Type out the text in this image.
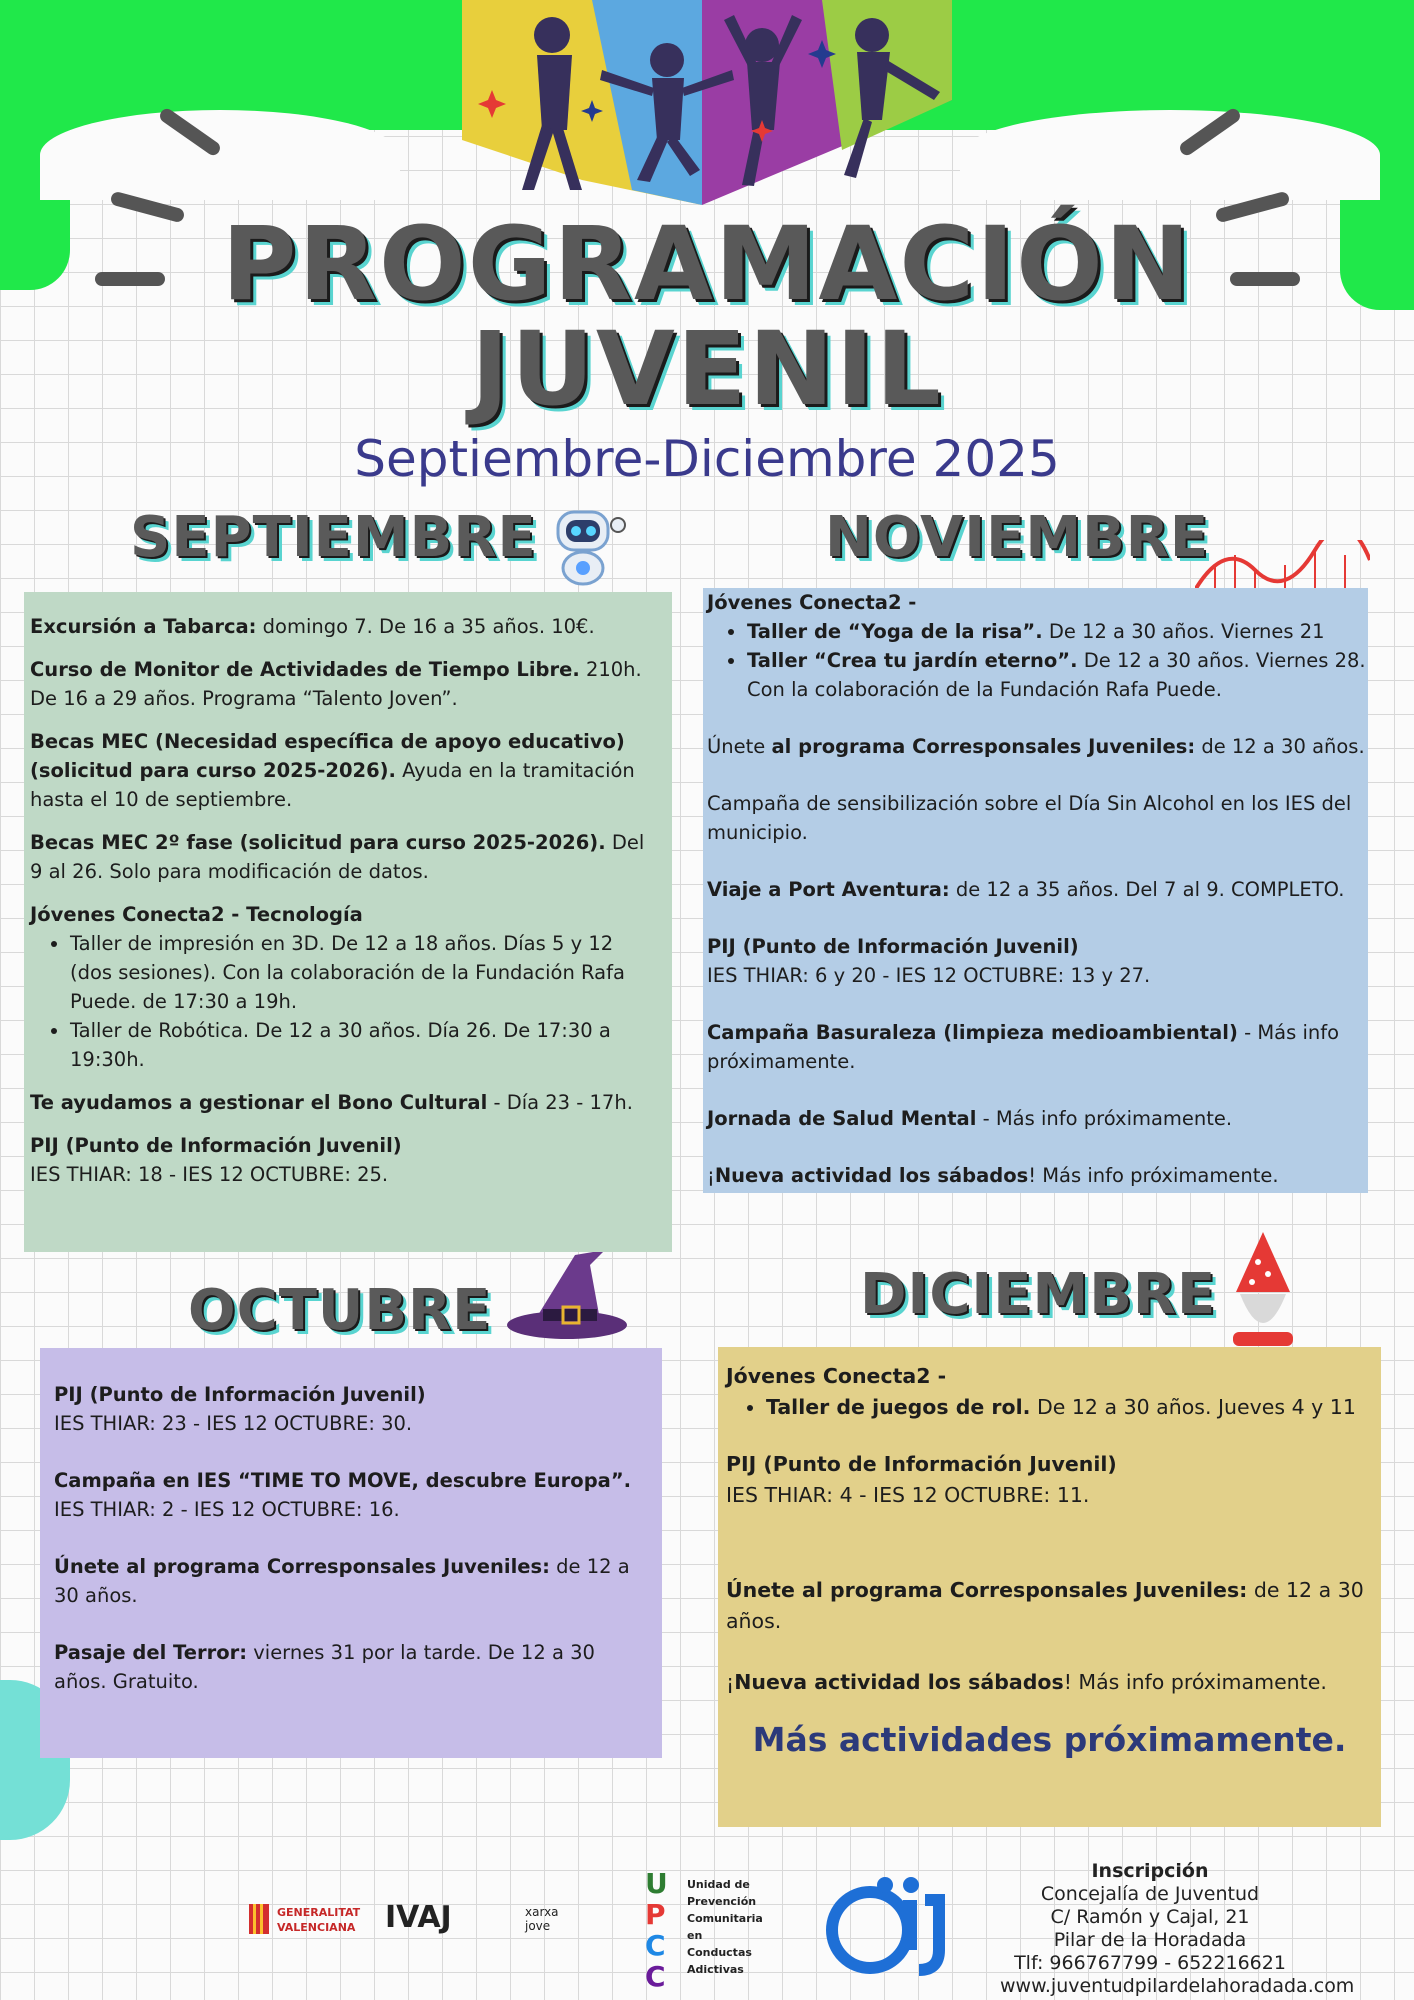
PROGRAMACIÓN
JUVENIL
Septiembre-Diciembre 2025
SEPTIEMBRE	NOVIEMBRE
OCTUBRE	DICIEMBRE

Excursión a Tabarca: domingo 7. De 16 a 35 años. 10€.

Curso de Monitor de Actividades de Tiempo Libre. 210h. De 16 a 29 años. Programa “Talento Joven”.

Becas MEC (Necesidad específica de apoyo educativo) (solicitud para curso 2025-2026). Ayuda en la tramitación hasta el 10 de septiembre.

Becas MEC 2º fase (solicitud para curso 2025-2026). Del 9 al 26. Solo para modificación de datos.

Jóvenes Conecta2 - Tecnología

• Taller de impresión en 3D. De 12 a 18 años. Días 5 y 12 (dos sesiones). Con la colaboración de la Fundación Rafa Puede. de 17:30 a 19h.
• Taller de Robótica. De 12 a 30 años. Día 26. De 17:30 a 19:30h.

Te ayudamos a gestionar el Bono Cultural - Día 23 - 17h.

PIJ (Punto de Información Juvenil)
IES THIAR: 18 - IES 12 OCTUBRE: 25.

Jóvenes Conecta2 -

• Taller de “Yoga de la risa”. De 12 a 30 años. Viernes 21
• Taller “Crea tu jardín eterno”. De 12 a 30 años. Viernes 28. Con la colaboración de la Fundación Rafa Puede.

Únete al programa Corresponsales Juveniles: de 12 a 30 años.

Campaña de sensibilización sobre el Día Sin Alcohol en los IES del municipio.

Viaje a Port Aventura: de 12 a 35 años. Del 7 al 9. COMPLETO.

PIJ (Punto de Información Juvenil)
IES THIAR: 6 y 20 - IES 12 OCTUBRE: 13 y 27.

Campaña Basuraleza (limpieza medioambiental) - Más info próximamente.

Jornada de Salud Mental - Más info próximamente.

¡Nueva actividad los sábados! Más info próximamente.

PIJ (Punto de Información Juvenil)
IES THIAR: 23 - IES 12 OCTUBRE: 30.

Campaña en IES “TIME TO MOVE, descubre Europa”.
IES THIAR: 2 - IES 12 OCTUBRE: 16.

Únete al programa Corresponsales Juveniles: de 12 a 30 años.

Pasaje del Terror: viernes 31 por la tarde. De 12 a 30 años. Gratuito.

Jóvenes Conecta2 -

• Taller de juegos de rol. De 12 a 30 años. Jueves 4 y 11

PIJ (Punto de Información Juvenil)
IES THIAR: 4 - IES 12 OCTUBRE: 11.

Únete al programa Corresponsales Juveniles: de 12 a 30 años.

¡Nueva actividad los sábados! Más info próximamente.

Más actividades próximamente.
GENERALITAT VALENCIANA IVAJ	xarxa jove
U
P
C
C
Unidad de
Prevención
Comunitaria
en Conductas
Adictivas
Inscripción
Concejalía de Juventud
C/ Ramón y Cajal, 21
Pilar de la Horadada
Tlf: 966767799 - 652216621
www.juventudpilardelahoradada.com
